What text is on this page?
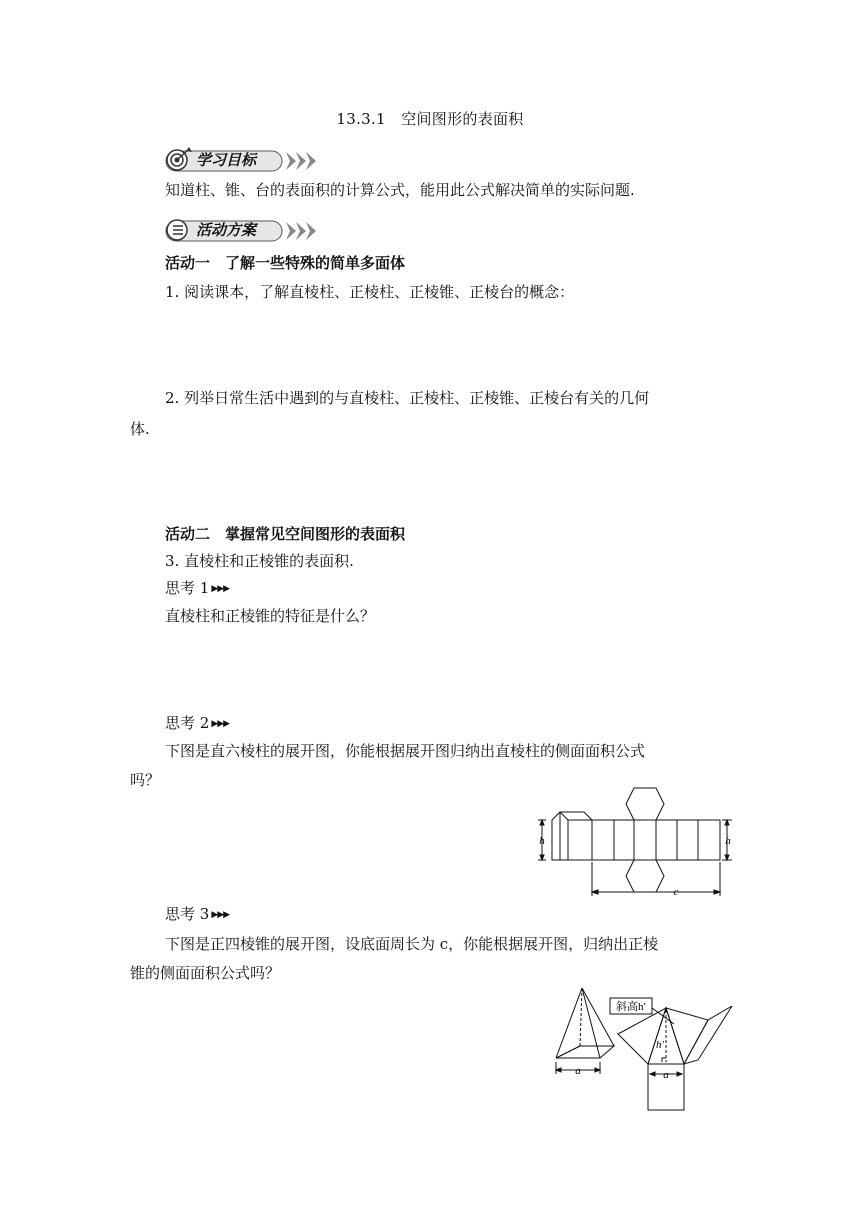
13.3.1　空间图形的表面积
学习目标
知道柱、锥、台的表面积的计算公式，能用此公式解决简单的实际问题.
活动方案
活动一　了解一些特殊的简单多面体
1. 阅读课本，了解直棱柱、正棱柱、正棱锥、正棱台的概念：
2. 列举日常生活中遇到的与直棱柱、正棱柱、正棱锥、正棱台有关的几何
体.
活动二　掌握常见空间图形的表面积
3. 直棱柱和正棱锥的表面积.
思考 1 ▶▶▶
直棱柱和正棱锥的特征是什么？
思考 2 ▶▶▶
下图是直六棱柱的展开图，你能根据展开图归纳出直棱柱的侧面面积公式
吗？
h	h
c
思考 3 ▶▶▶
下图是正四棱锥的展开图，设底面周长为 c，你能根据展开图，归纳出正棱
锥的侧面面积公式吗？
斜高h′
h′
a	a
